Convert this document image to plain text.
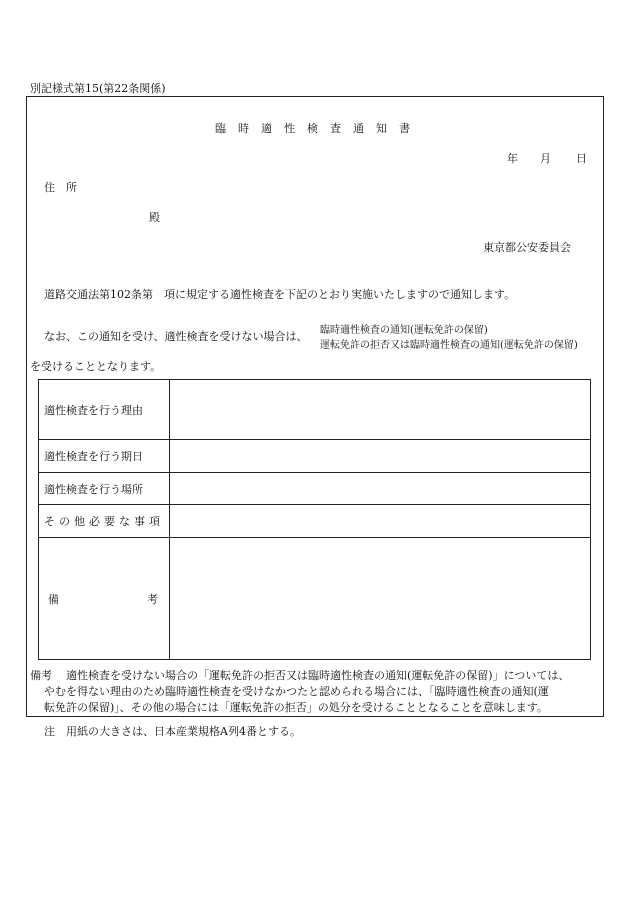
別記様式第15(第22条関係)
臨時適性検査通知書
年 月 日
住　所
殿
東京都公安委員会
道路交通法第102条第　項に規定する適性検査を下記のとおり実施いたしますので通知します。
なお、この通知を受け、適性検査を受けない場合は、 臨時適性検査の通知(運転免許の保留)
運転免許の拒否又は臨時適性検査の通知(運転免許の保留)
を受けることとなります。
適性検査を行う理由	
適性検査を行う期日	
適性検査を行う場所	
その他必要な事項	

備 考	

備考 適性検査を受けない場合の「運転免許の拒否又は臨時適性検査の通知(運転免許の保留)」については、
やむを得ない理由のため臨時適性検査を受けなかつたと認められる場合には、「臨時適性検査の通知(運
転免許の保留)」、その他の場合には「運転免許の拒否」の処分を受けることとなることを意味します。
注 用紙の大きさは、日本産業規格A列4番とする。
